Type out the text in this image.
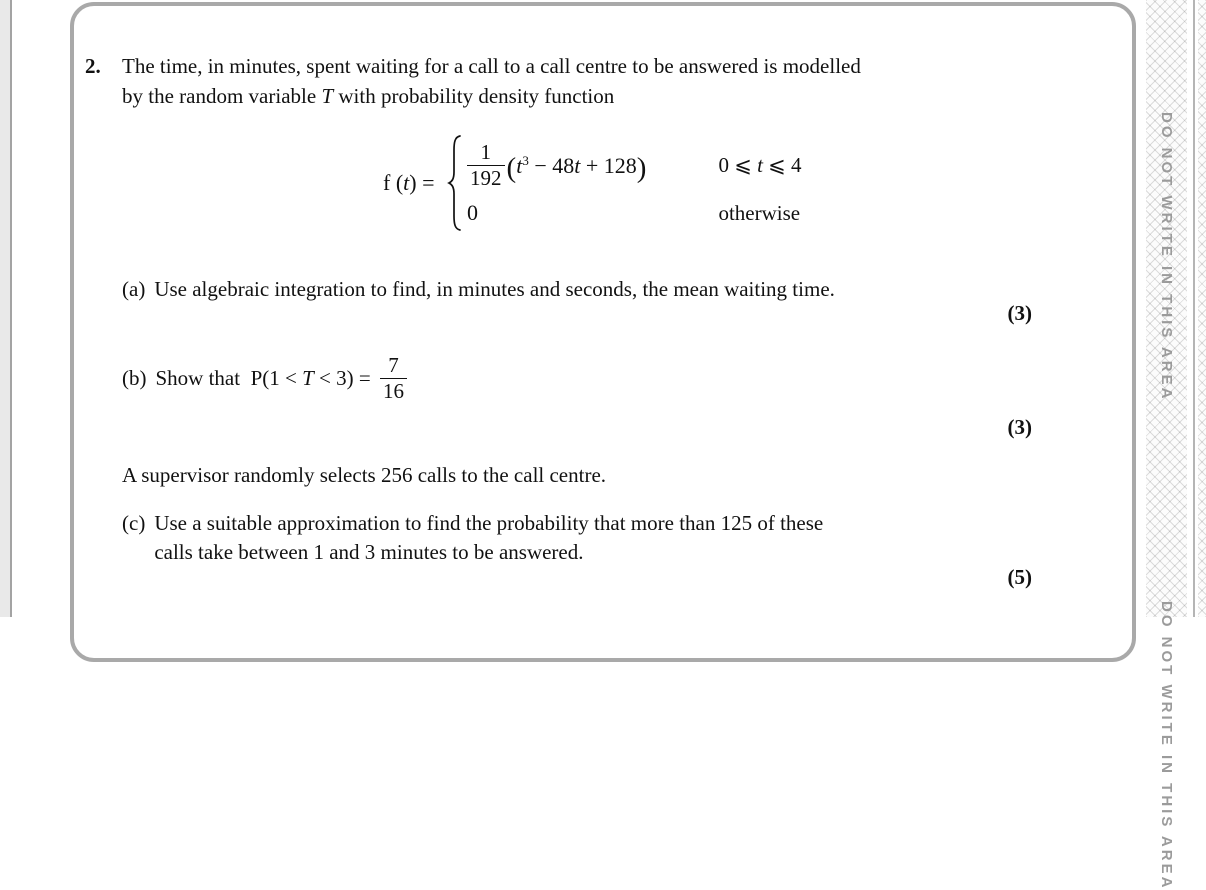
2. The time, in minutes, spent waiting for a call to a call centre to be answered is modelled
by the random variable T with probability density function
f $(t) = \frac{1}{192} (t^3 - 48t + 128)$	0 ⩽ t ⩽ 4
0	otherwise
(a) Use algebraic integration to find, in minutes and seconds, the mean waiting time.
(3)
(b) Show that $P(1 < T < 3) = \frac{7}{16}$
(3)
A supervisor randomly selects 256 calls to the call centre.
(c) Use a suitable approximation to find the probability that more than 125 of these
calls take between 1 and 3 minutes to be answered.
(5)
DO NOT WRITE IN THIS AREA
DO NOT WRITE IN THIS AREA
